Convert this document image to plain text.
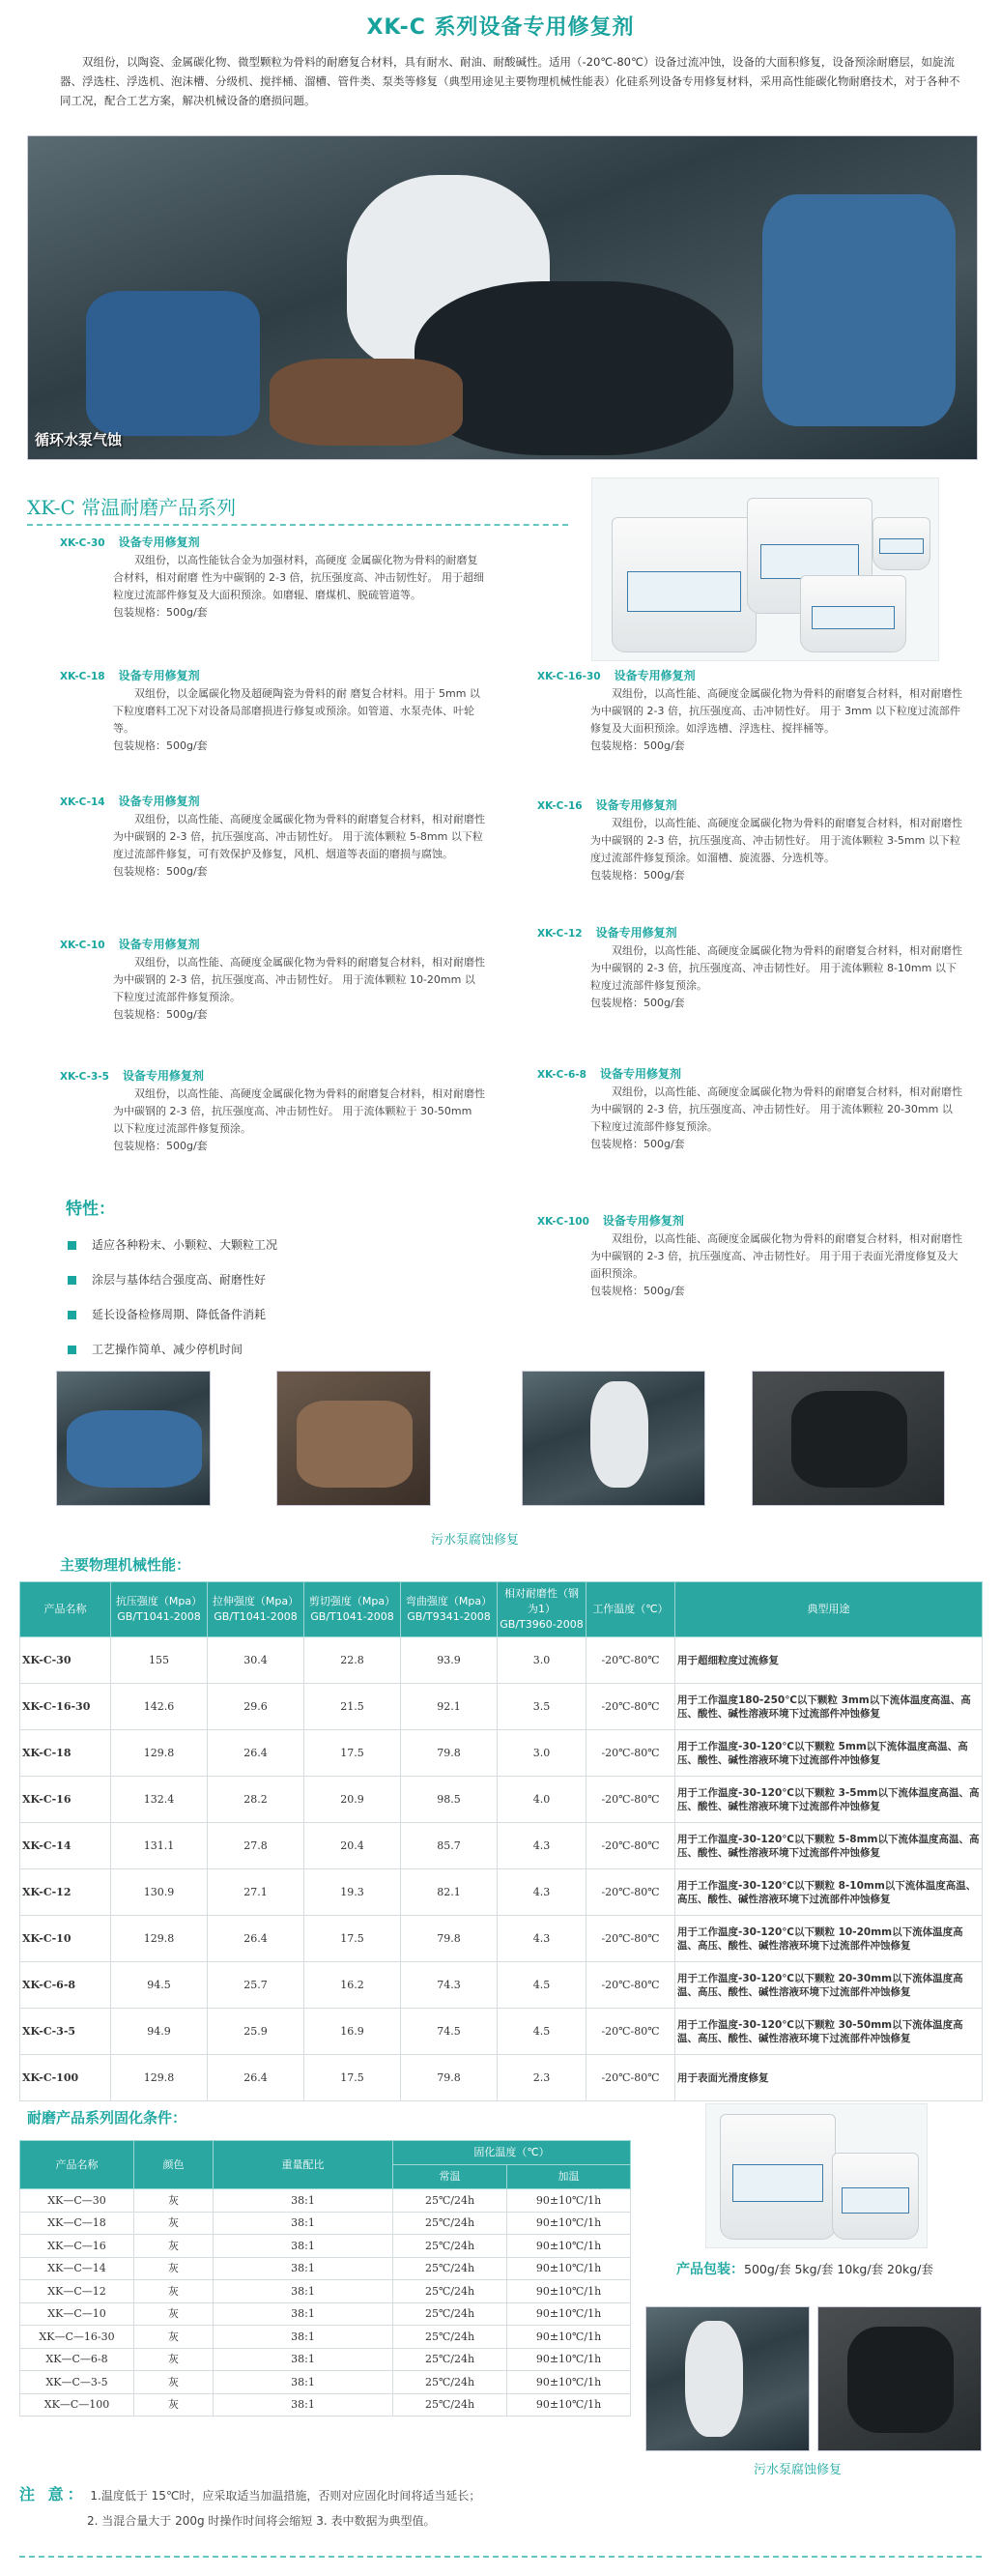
XK-C 系列设备专用修复剂
双组份，以陶瓷、金属碳化物、微型颗粒为骨料的耐磨复合材料，具有耐水、耐油、耐酸碱性。适用（-20℃-80℃）设备过流冲蚀，设备的大面积修复，设备预涂耐磨层，如旋流器、浮选柱、浮选机、泡沫槽、分级机、搅拌桶、溜槽、管件类、泵类等修复（典型用途见主要物理机械性能表）化硅系列设备专用修复材料，采用高性能碳化物耐磨技术，对于各种不同工况，配合工艺方案，解决机械设备的磨损问题。
循环水泵气蚀
XK-C 常温耐磨产品系列
XK-C-30 设备专用修复剂
双组份，以高性能钛合金为加强材料，高硬度 金属碳化物为骨料的耐磨复合材料，相对耐磨 性为中碳钢的 2-3 倍，抗压强度高、冲击韧性好。 用于超细粒度过流部件修复及大面积预涂。如磨辊、磨煤机、脱硫管道等。
包装规格：500g/套
XK-C-18 设备专用修复剂
双组份，以金属碳化物及超硬陶瓷为骨料的耐 磨复合材料。用于 5mm 以下粒度磨料工况下对设备局部磨损进行修复或预涂。如管道、水泵壳体、叶轮等。
包装规格：500g/套
XK-C-14 设备专用修复剂
双组份，以高性能、高硬度金属碳化物为骨料的耐磨复合材料，相对耐磨性为中碳钢的 2-3 倍，抗压强度高、冲击韧性好。 用于流体颗粒 5-8mm 以下粒度过流部件修复，可有效保护及修复，风机、烟道等表面的磨损与腐蚀。
包装规格：500g/套
XK-C-10 设备专用修复剂
双组份，以高性能、高硬度金属碳化物为骨料的耐磨复合材料，相对耐磨性为中碳钢的 2-3 倍，抗压强度高、冲击韧性好。 用于流体颗粒 10-20mm 以下粒度过流部件修复预涂。
包装规格：500g/套
XK-C-3-5 设备专用修复剂
双组份，以高性能、高硬度金属碳化物为骨料的耐磨复合材料，相对耐磨性为中碳钢的 2-3 倍，抗压强度高、冲击韧性好。 用于流体颗粒于 30-50mm 以下粒度过流部件修复预涂。
包装规格：500g/套
XK-C-16-30 设备专用修复剂
双组份，以高性能、高硬度金属碳化物为骨料的耐磨复合材料，相对耐磨性为中碳钢的 2-3 倍，抗压强度高、击冲韧性好。 用于 3mm 以下粒度过流部件修复及大面积预涂。如浮选槽、浮选柱、搅拌桶等。
包装规格：500g/套
XK-C-16 设备专用修复剂
双组份，以高性能、高硬度金属碳化物为骨料的耐磨复合材料，相对耐磨性为中碳钢的 2-3 倍，抗压强度高、冲击韧性好。 用于流体颗粒 3-5mm 以下粒度过流部件修复预涂。如溜槽、旋流器、分选机等。
包装规格：500g/套
XK-C-12 设备专用修复剂
双组份，以高性能、高硬度金属碳化物为骨料的耐磨复合材料，相对耐磨性为中碳钢的 2-3 倍，抗压强度高、冲击韧性好。 用于流体颗粒 8-10mm 以下粒度过流部件修复预涂。
包装规格：500g/套
XK-C-6-8 设备专用修复剂
双组份，以高性能、高硬度金属碳化物为骨料的耐磨复合材料，相对耐磨性为中碳钢的 2-3 倍，抗压强度高、冲击韧性好。 用于流体颗粒 20-30mm 以下粒度过流部件修复预涂。
包装规格：500g/套
XK-C-100 设备专用修复剂
双组份，以高性能、高硬度金属碳化物为骨料的耐磨复合材料，相对耐磨性为中碳钢的 2-3 倍，抗压强度高、冲击韧性好。 用于用于表面光滑度修复及大面积预涂。
包装规格：500g/套
特性：
适应各种粉末、小颗粒、大颗粒工况
涂层与基体结合强度高、耐磨性好
延长设备检修周期、降低备件消耗
工艺操作简单、减少停机时间
污水泵腐蚀修复
主要物理机械性能：
产品名称	抗压强度（Mpa）GB/T1041-2008	拉伸强度（Mpa）GB/T1041-2008	剪切强度（Mpa）GB/T1041-2008	弯曲强度（Mpa）GB/T9341-2008	相对耐磨性（钢为1）GB/T3960-2008	工作温度（℃）	典型用途
XK-C-30	155	30.4	22.8	93.9	3.0	-20℃-80℃	用于超细粒度过流修复
XK-C-16-30	142.6	29.6	21.5	92.1	3.5	-20℃-80℃	用于工作温度180-250℃以下颗粒 3mm以下流体温度高温、高压、酸性、碱性溶液环境下过流部件冲蚀修复
XK-C-18	129.8	26.4	17.5	79.8	3.0	-20℃-80℃	用于工作温度-30-120℃以下颗粒 5mm以下流体温度高温、高压、酸性、碱性溶液环境下过流部件冲蚀修复
XK-C-16	132.4	28.2	20.9	98.5	4.0	-20℃-80℃	用于工作温度-30-120℃以下颗粒 3-5mm以下流体温度高温、高压、酸性、碱性溶液环境下过流部件冲蚀修复
XK-C-14	131.1	27.8	20.4	85.7	4.3	-20℃-80℃	用于工作温度-30-120℃以下颗粒 5-8mm以下流体温度高温、高压、酸性、碱性溶液环境下过流部件冲蚀修复
XK-C-12	130.9	27.1	19.3	82.1	4.3	-20℃-80℃	用于工作温度-30-120℃以下颗粒 8-10mm以下流体温度高温、高压、酸性、碱性溶液环境下过流部件冲蚀修复
XK-C-10	129.8	26.4	17.5	79.8	4.3	-20℃-80℃	用于工作温度-30-120℃以下颗粒 10-20mm以下流体温度高温、高压、酸性、碱性溶液环境下过流部件冲蚀修复
XK-C-6-8	94.5	25.7	16.2	74.3	4.5	-20℃-80℃	用于工作温度-30-120℃以下颗粒 20-30mm以下流体温度高温、高压、酸性、碱性溶液环境下过流部件冲蚀修复
XK-C-3-5	94.9	25.9	16.9	74.5	4.5	-20℃-80℃	用于工作温度-30-120℃以下颗粒 30-50mm以下流体温度高温、高压、酸性、碱性溶液环境下过流部件冲蚀修复
XK-C-100	129.8	26.4	17.5	79.8	2.3	-20℃-80℃	用于表面光滑度修复
耐磨产品系列固化条件：
产品名称	颜色	重量配比	固化温度（℃）	
			常温	加温
XK—C—30	灰	38:1	25℃/24h	90±10℃/1h
XK—C—18	灰	38:1	25℃/24h	90±10℃/1h
XK—C—16	灰	38:1	25℃/24h	90±10℃/1h
XK—C—14	灰	38:1	25℃/24h	90±10℃/1h
XK—C—12	灰	38:1	25℃/24h	90±10℃/1h
XK—C—10	灰	38:1	25℃/24h	90±10℃/1h
XK—C—16-30	灰	38:1	25℃/24h	90±10℃/1h
XK—C—6-8	灰	38:1	25℃/24h	90±10℃/1h
XK—C—3-5	灰	38:1	25℃/24h	90±10℃/1h
XK—C—100	灰	38:1	25℃/24h	90±10℃/1h
产品包装：500g/套 5kg/套 10kg/套 20kg/套
污水泵腐蚀修复
注 意： 1.温度低于 15℃时，应采取适当加温措施，否则对应固化时间将适当延长；
2. 当混合量大于 200g 时操作时间将会缩短 3. 表中数据为典型值。
